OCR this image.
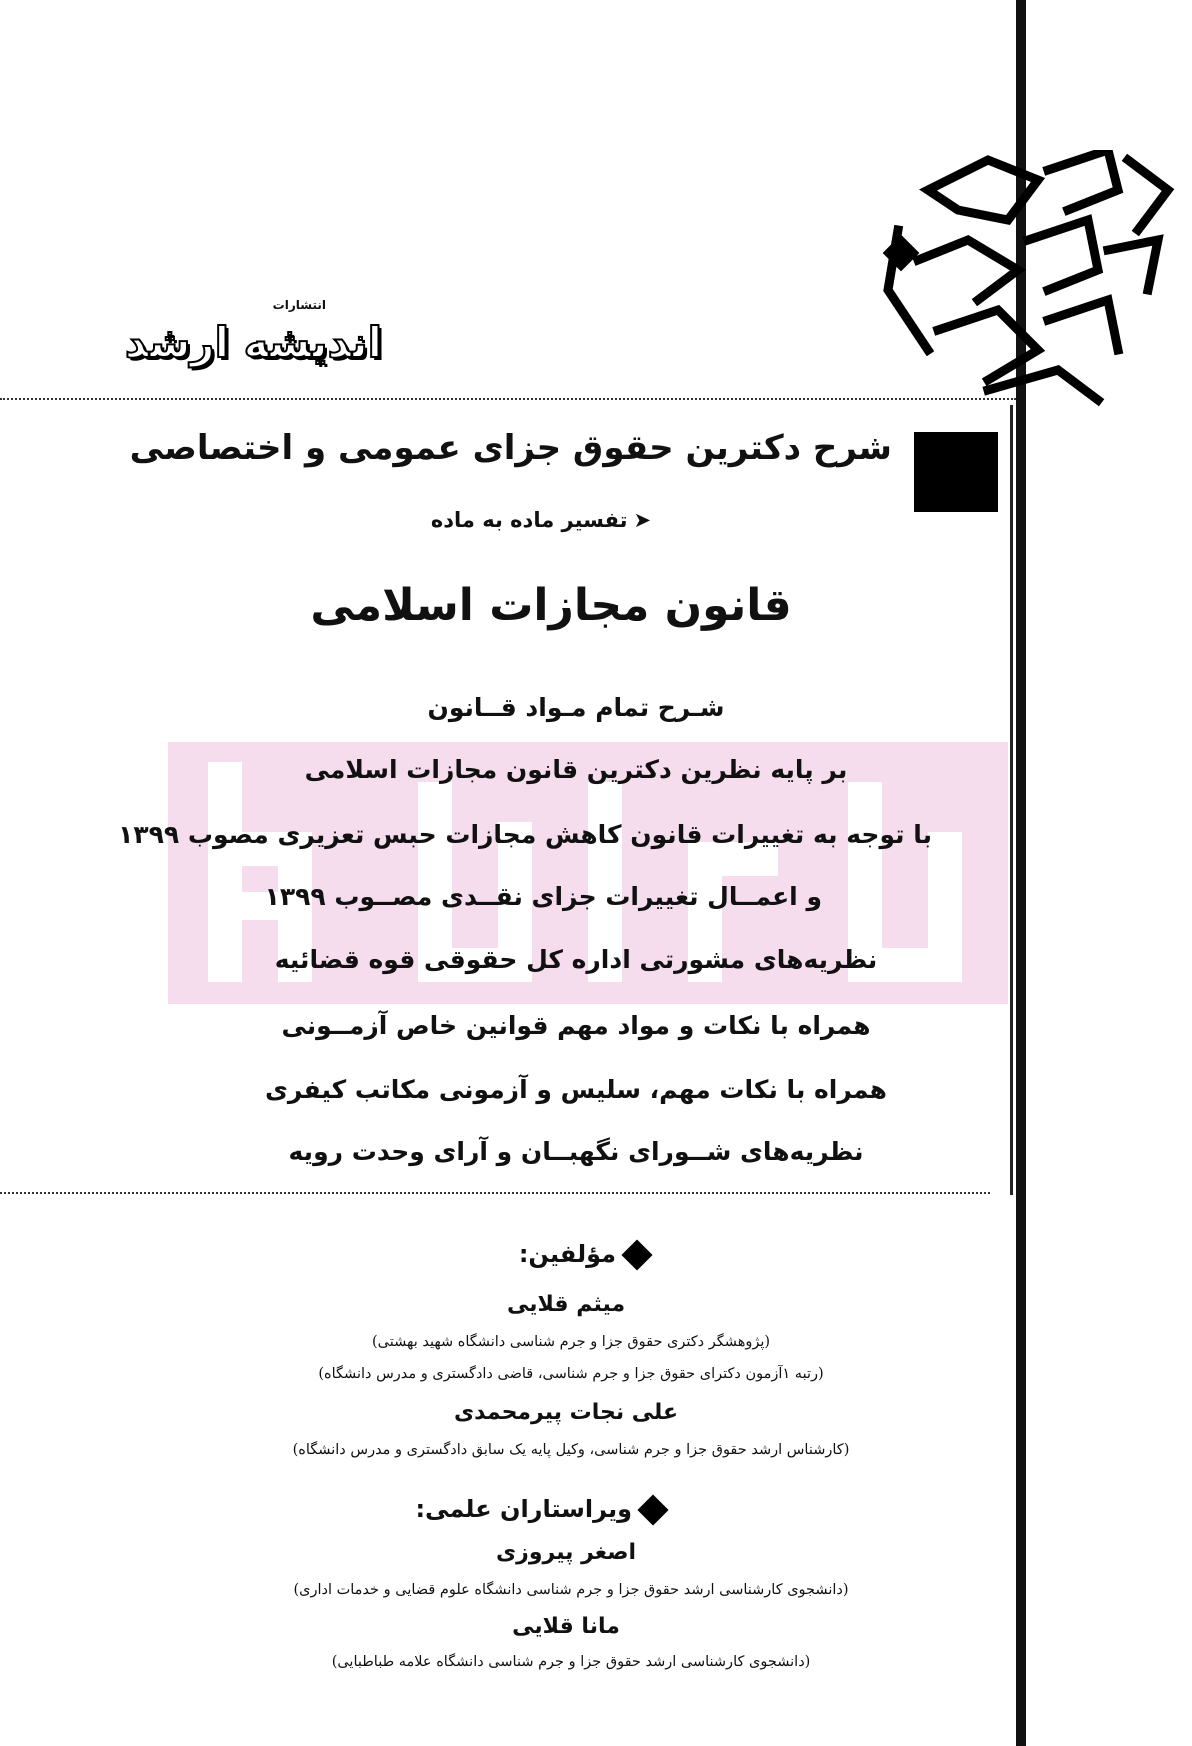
انتشارات
اندیشه ارشد
شرح دکترین حقوق جزای عمومی و اختصاصی
➤تفسیر ماده به ماده
قانون مجازات اسلامی
شـرح تمام مـواد قــانون
بر پایه نظرین دکترین قانون مجازات اسلامی
با توجه به تغییرات قانون کاهش مجازات حبس تعزیری مصوب ۱۳۹۹
و اعمــال تغییرات جزای نقــدی مصــوب ۱۳۹۹
نظریه‌های مشورتی اداره کل حقوقی قوه قضائیه
همراه با نکات و مواد مهم قوانین خاص آزمــونی
همراه با نکات مهم، سلیس و آزمونی مکاتب کیفری
نظریه‌های شــورای نگهبــان و آرای وحدت رویه
مؤلفین:
میثم قلایی
(پژوهشگر دکتری حقوق جزا و جرم شناسی دانشگاه شهید بهشتی)
(رتبه ۱آزمون دکترای حقوق جزا و جرم شناسی، قاضی دادگستری و مدرس دانشگاه)
علی نجات پیرمحمدی
(کارشناس ارشد حقوق جزا و جرم شناسی، وکیل پایه یک سابق دادگستری و مدرس دانشگاه)
ویراستاران علمی:
اصغر پیروزی
(دانشجوی کارشناسی ارشد حقوق جزا و جرم شناسی دانشگاه علوم قضایی و خدمات اداری)
مانا قلایی
(دانشجوی کارشناسی ارشد حقوق جزا و جرم شناسی دانشگاه علامه طباطبایی)
